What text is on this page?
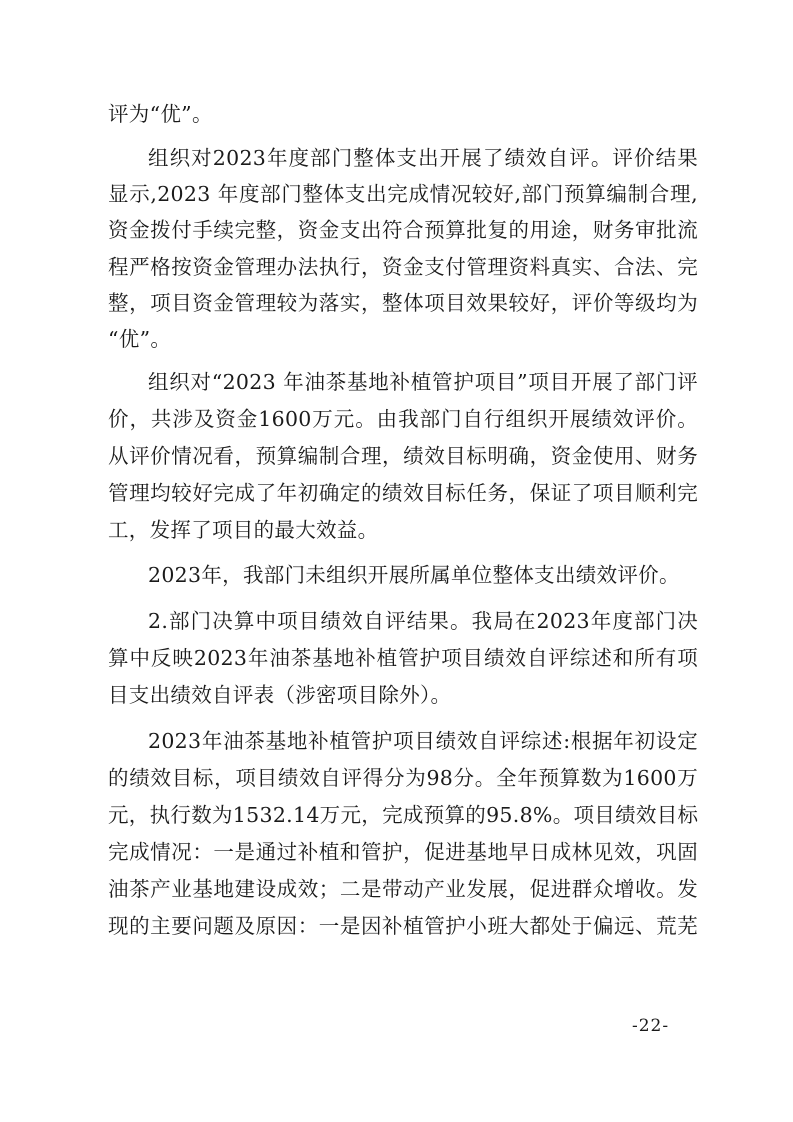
评为“优”。
组织对2023年度部门整体支出开展了绩效自评。评价结果
显示,2023 年度部门整体支出完成情况较好,部门预算编制合理,
资金拨付手续完整，资金支出符合预算批复的用途，财务审批流
程严格按资金管理办法执行，资金支付管理资料真实、合法、完
整，项目资金管理较为落实，整体项目效果较好，评价等级均为
“优”。
组织对“2023 年油茶基地补植管护项目”项目开展了部门评
价，共涉及资金1600万元。由我部门自行组织开展绩效评价。
从评价情况看，预算编制合理，绩效目标明确，资金使用、财务
管理均较好完成了年初确定的绩效目标任务，保证了项目顺利完
工，发挥了项目的最大效益。
2023年，我部门未组织开展所属单位整体支出绩效评价。
2.部门决算中项目绩效自评结果。我局在2023年度部门决
算中反映2023年油茶基地补植管护项目绩效自评综述和所有项
目支出绩效自评表（涉密项目除外）。
2023年油茶基地补植管护项目绩效自评综述:根据年初设定
的绩效目标，项目绩效自评得分为98分。全年预算数为1600万
元，执行数为1532.14万元，完成预算的95.8%。项目绩效目标
完成情况：一是通过补植和管护，促进基地早日成林见效，巩固
油茶产业基地建设成效；二是带动产业发展，促进群众增收。发
现的主要问题及原因：一是因补植管护小班大都处于偏远、荒芜
-22-
